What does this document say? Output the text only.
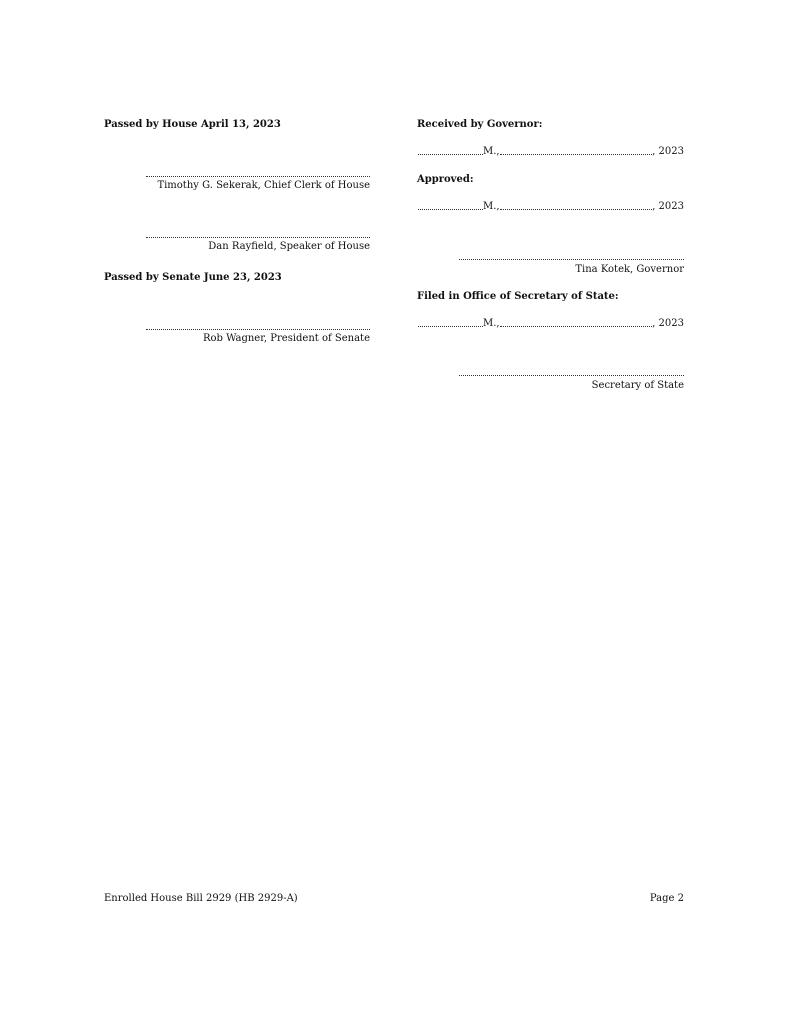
Passed by House April 13, 2023
Timothy G. Sekerak, Chief Clerk of House
Dan Rayfield, Speaker of House
Passed by Senate June 23, 2023
Rob Wagner, President of Senate
Received by Governor:
M.,	, 2023
Approved:
M.,	, 2023
Tina Kotek, Governor
Filed in Office of Secretary of State:
M.,	, 2023
Secretary of State
Enrolled House Bill 2929 (HB 2929-A)	Page 2
